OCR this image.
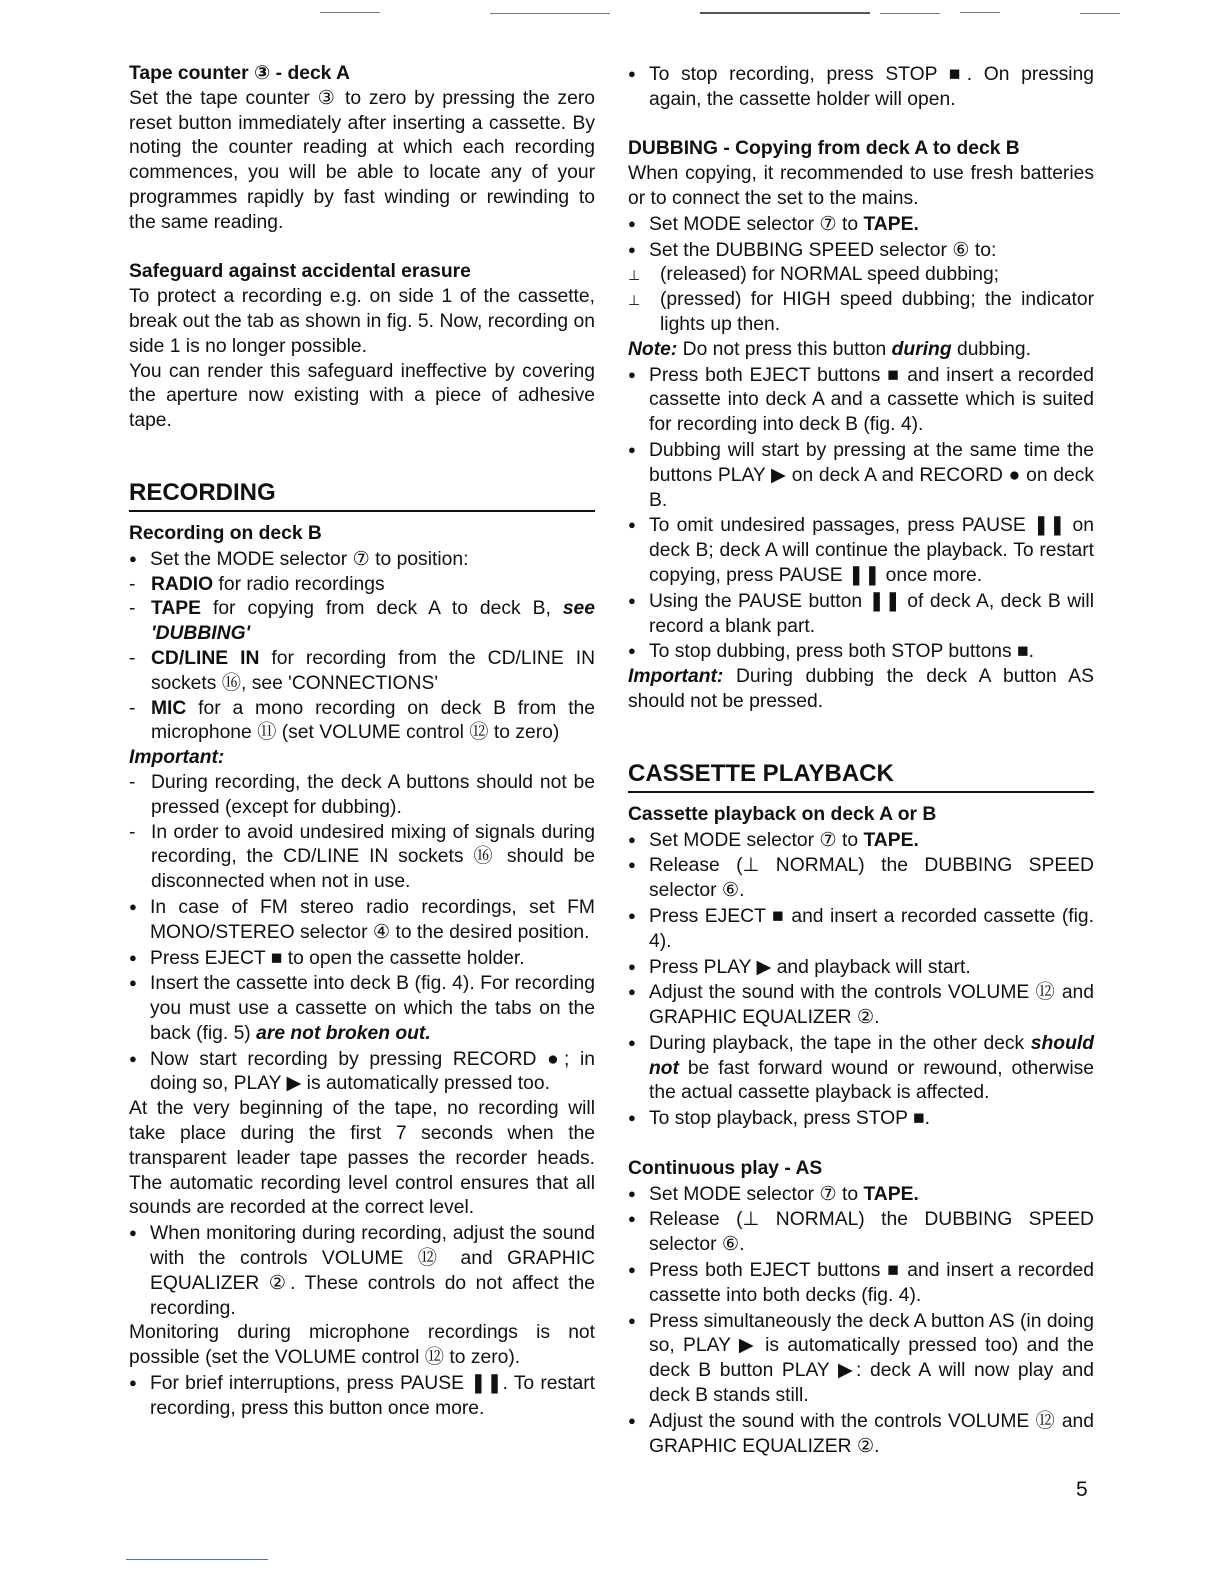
Tape counter ③ - deck A

Set the tape counter ③ to zero by pressing the zero reset button immediately after inserting a cassette. By noting the counter reading at which each recording commences, you will be able to locate any of your programmes rapidly by fast winding or rewinding to the same reading.

Safeguard against accidental erasure

To protect a recording e.g. on side 1 of the cassette, break out the tab as shown in fig. 5. Now, recording on side 1 is no longer possible.

You can render this safeguard ineffective by covering the aperture now existing with a piece of adhesive tape.

RECORDING

Recording on deck B

● Set the MODE selector ⑦ to position:

- RADIO for radio recordings

- TAPE for copying from deck A to deck B, see 'DUBBING'

- CD/LINE IN for recording from the CD/LINE IN sockets ⑯, see 'CONNECTIONS'

- MIC for a mono recording on deck B from the microphone ⑪ (set VOLUME control ⑫ to zero)

Important:

- During recording, the deck A buttons should not be pressed (except for dubbing).

- In order to avoid undesired mixing of signals during recording, the CD/LINE IN sockets ⑯ should be disconnected when not in use.

● In case of FM stereo radio recordings, set FM MONO/STEREO selector ④ to the desired position.

● Press EJECT ■ to open the cassette holder.

● Insert the cassette into deck B (fig. 4). For recording you must use a cassette on which the tabs on the back (fig. 5) are not broken out.

● Now start recording by pressing RECORD ●; in doing so, PLAY ▶ is automatically pressed too.

At the very beginning of the tape, no recording will take place during the first 7 seconds when the transparent leader tape passes the recorder heads. The automatic recording level control ensures that all sounds are recorded at the correct level.

● When monitoring during recording, adjust the sound with the controls VOLUME ⑫ and GRAPHIC EQUALIZER ②. These controls do not affect the recording.

Monitoring during microphone recordings is not possible (set the VOLUME control ⑫ to zero).

● For brief interruptions, press PAUSE ❚❚. To restart recording, press this button once more.

● To stop recording, press STOP ■. On pressing again, the cassette holder will open.

DUBBING - Copying from deck A to deck B

When copying, it recommended to use fresh batteries or to connect the set to the mains.

● Set MODE selector ⑦ to TAPE.

● Set the DUBBING SPEED selector ⑥ to:

⊥ (released) for NORMAL speed dubbing;

⊥ (pressed) for HIGH speed dubbing; the indicator lights up then.

Note: Do not press this button during dubbing.

● Press both EJECT buttons ■ and insert a recorded cassette into deck A and a cassette which is suited for recording into deck B (fig. 4).

● Dubbing will start by pressing at the same time the buttons PLAY ▶ on deck A and RECORD ● on deck B.

● To omit undesired passages, press PAUSE ❚❚ on deck B; deck A will continue the playback. To restart copying, press PAUSE ❚❚ once more.

● Using the PAUSE button ❚❚ of deck A, deck B will record a blank part.

● To stop dubbing, press both STOP buttons ■.

Important: During dubbing the deck A button AS should not be pressed.

CASSETTE PLAYBACK

Cassette playback on deck A or B

● Set MODE selector ⑦ to TAPE.

● Release (⊥ NORMAL) the DUBBING SPEED selector ⑥.

● Press EJECT ■ and insert a recorded cassette (fig. 4).

● Press PLAY ▶ and playback will start.

● Adjust the sound with the controls VOLUME ⑫ and GRAPHIC EQUALIZER ②.

● During playback, the tape in the other deck should not be fast forward wound or rewound, otherwise the actual cassette playback is affected.

● To stop playback, press STOP ■.

Continuous play - AS

● Set MODE selector ⑦ to TAPE.

● Release (⊥ NORMAL) the DUBBING SPEED selector ⑥.

● Press both EJECT buttons ■ and insert a recorded cassette into both decks (fig. 4).

● Press simultaneously the deck A button AS (in doing so, PLAY ▶ is automatically pressed too) and the deck B button PLAY ▶: deck A will now play and deck B stands still.

● Adjust the sound with the controls VOLUME ⑫ and GRAPHIC EQUALIZER ②.

5
